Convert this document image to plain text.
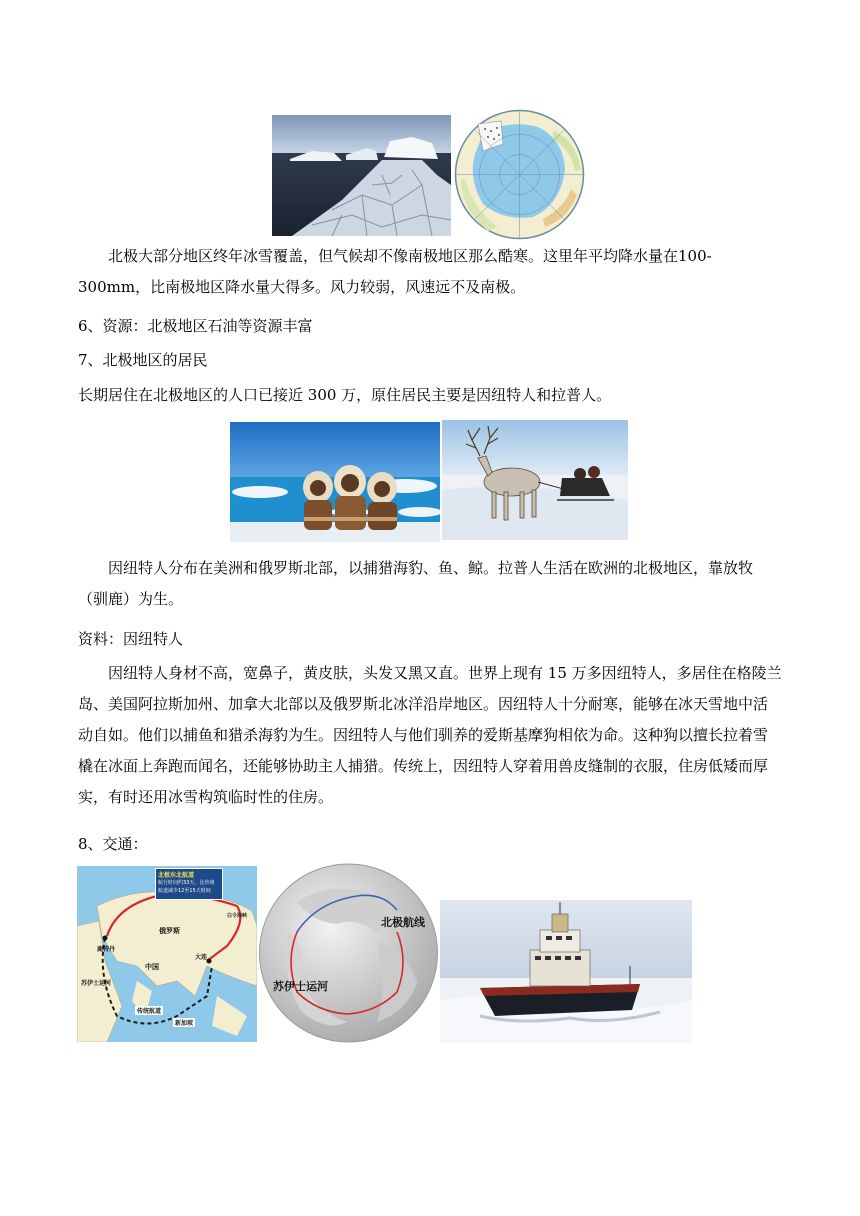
北极大部分地区终年冰雪覆盖，但气候却不像南极地区那么酷寒。这里年平均降水量在100-300mm，比南极地区降水量大得多。风力较弱，风速远不及南极。

6、资源：北极地区石油等资源丰富
7、北极地区的居民
长期居住在北极地区的人口已接近 300 万，原住居民主要是因纽特人和拉普人。

因纽特人分布在美洲和俄罗斯北部，以捕猎海豹、鱼、鲸。拉普人生活在欧洲的北极地区，靠放牧（驯鹿）为生。

资料：因纽特人

因纽特人身材不高，宽鼻子，黄皮肤，头发又黑又直。世界上现有 15 万多因纽特人，多居住在格陵兰岛、美国阿拉斯加州、加拿大北部以及俄罗斯北冰洋沿岸地区。因纽特人十分耐寒，能够在冰天雪地中活动自如。他们以捕鱼和猎杀海豹为生。因纽特人与他们驯养的爱斯基摩狗相依为命。这种狗以擅长拉着雪橇在冰面上奔跑而闻名，还能够协助主人捕猎。传统上，因纽特人穿着用兽皮缝制的衣服，住房低矮而厚实，有时还用冰雪构筑临时性的住房。

8、交通：
北极东北航道
航行时间约33天，比传统
航道减少12至15天时间
白令海峡
俄罗斯
鹿特丹
大连
中国
苏伊士运河
传统航道
新加坡
北极航线
苏伊士运河
